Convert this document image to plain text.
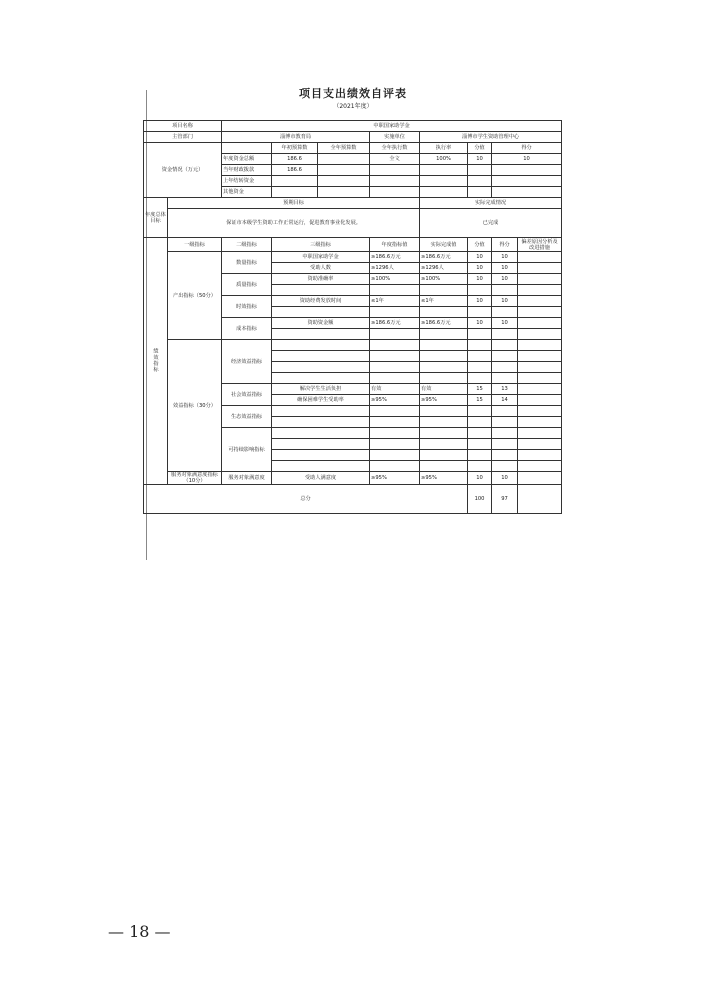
项目支出绩效自评表
（2021年度）
项目名称		中职国家助学金							
主管部门		淄博市教育局			实施单位	淄博市学生资助管理中心			
资金情况（万元）			年初预算数	全年预算数	全年执行数	执行率	分值	得分	
		年度资金总额	186.6		全文	100%	10	10	
		当年财政拨款	186.6						
		上年结转资金							
		其他资金							
年度总体目标	预期目标					实际完成情况			
	保证市本级学生资助工作正常运行，促进教育事业化发展。					已完成			
绩效指标	一级指标	二级指标	三级指标		年度指标值	实际完成值	分值	得分	偏差原因分析及改进措施
	产出指标（50分）	数量指标	中职国家助学金		≥186.6万元	≥186.6万元	10	10	
			受助人数		≥1296人	≥1296人	10	10	
		质量指标	资助准确率		≥100%	≥100%	10	10	

		时效指标	资助经费发放时间		≤1年	≤1年	10	10	

		成本指标	资助资金额		≥186.6万元	≥186.6万元	10	10	

	效益指标（30分）	经济效益指标							

		社会效益指标	解决学生生活负担		有效	有效	15	13	
			确保困难学生受助率		≥95%	≥95%	15	14	
		生态效益指标							

		可持续影响指标							

	服务对象满意度指标（10分）	服务对象满意度	受助人满意度		≥95%	≥95%	10	10	

总分							100	97	
— 18 —
